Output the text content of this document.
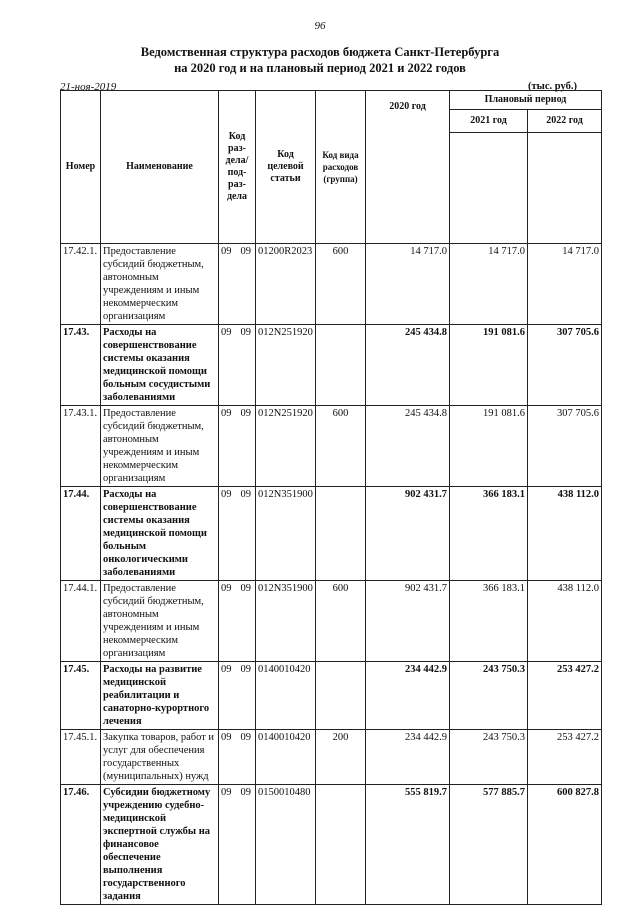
96
Ведомственная структура расходов бюджета Санкт-Петербурга
на 2020 год и на плановый период 2021 и 2022 годов
21-ноя-2019	(тыс. руб.)
Номер	Наименование	Код раз-дела/ под-раз-дела	Код целевой статьи	Код вида расходов (группа)	2020 год	Плановый период	
						2021 год	2022 год

17.42.1.	Предоставление субсидий бюджетным, автономным учреждениям и иным некоммерческим организациям	09 09	01200R2023	600	14 717.0	14 717.0	14 717.0
17.43.	Расходы на совершенствование системы оказания медицинской помощи больным сосудистыми заболеваниями	09 09	012N251920		245 434.8	191 081.6	307 705.6
17.43.1.	Предоставление субсидий бюджетным, автономным учреждениям и иным некоммерческим организациям	09 09	012N251920	600	245 434.8	191 081.6	307 705.6
17.44.	Расходы на совершенствование системы оказания медицинской помощи больным онкологическими заболеваниями	09 09	012N351900		902 431.7	366 183.1	438 112.0
17.44.1.	Предоставление субсидий бюджетным, автономным учреждениям и иным некоммерческим организациям	09 09	012N351900	600	902 431.7	366 183.1	438 112.0
17.45.	Расходы на развитие медицинской реабилитации и санаторно-курортного лечения	09 09	0140010420		234 442.9	243 750.3	253 427.2
17.45.1.	Закупка товаров, работ и услуг для обеспечения государственных (муниципальных) нужд	09 09	0140010420	200	234 442.9	243 750.3	253 427.2
17.46.	Субсидии бюджетному учреждению судебно-медицинской экспертной службы на финансовое обеспечение выполнения государственного задания	09 09	0150010480		555 819.7	577 885.7	600 827.8
